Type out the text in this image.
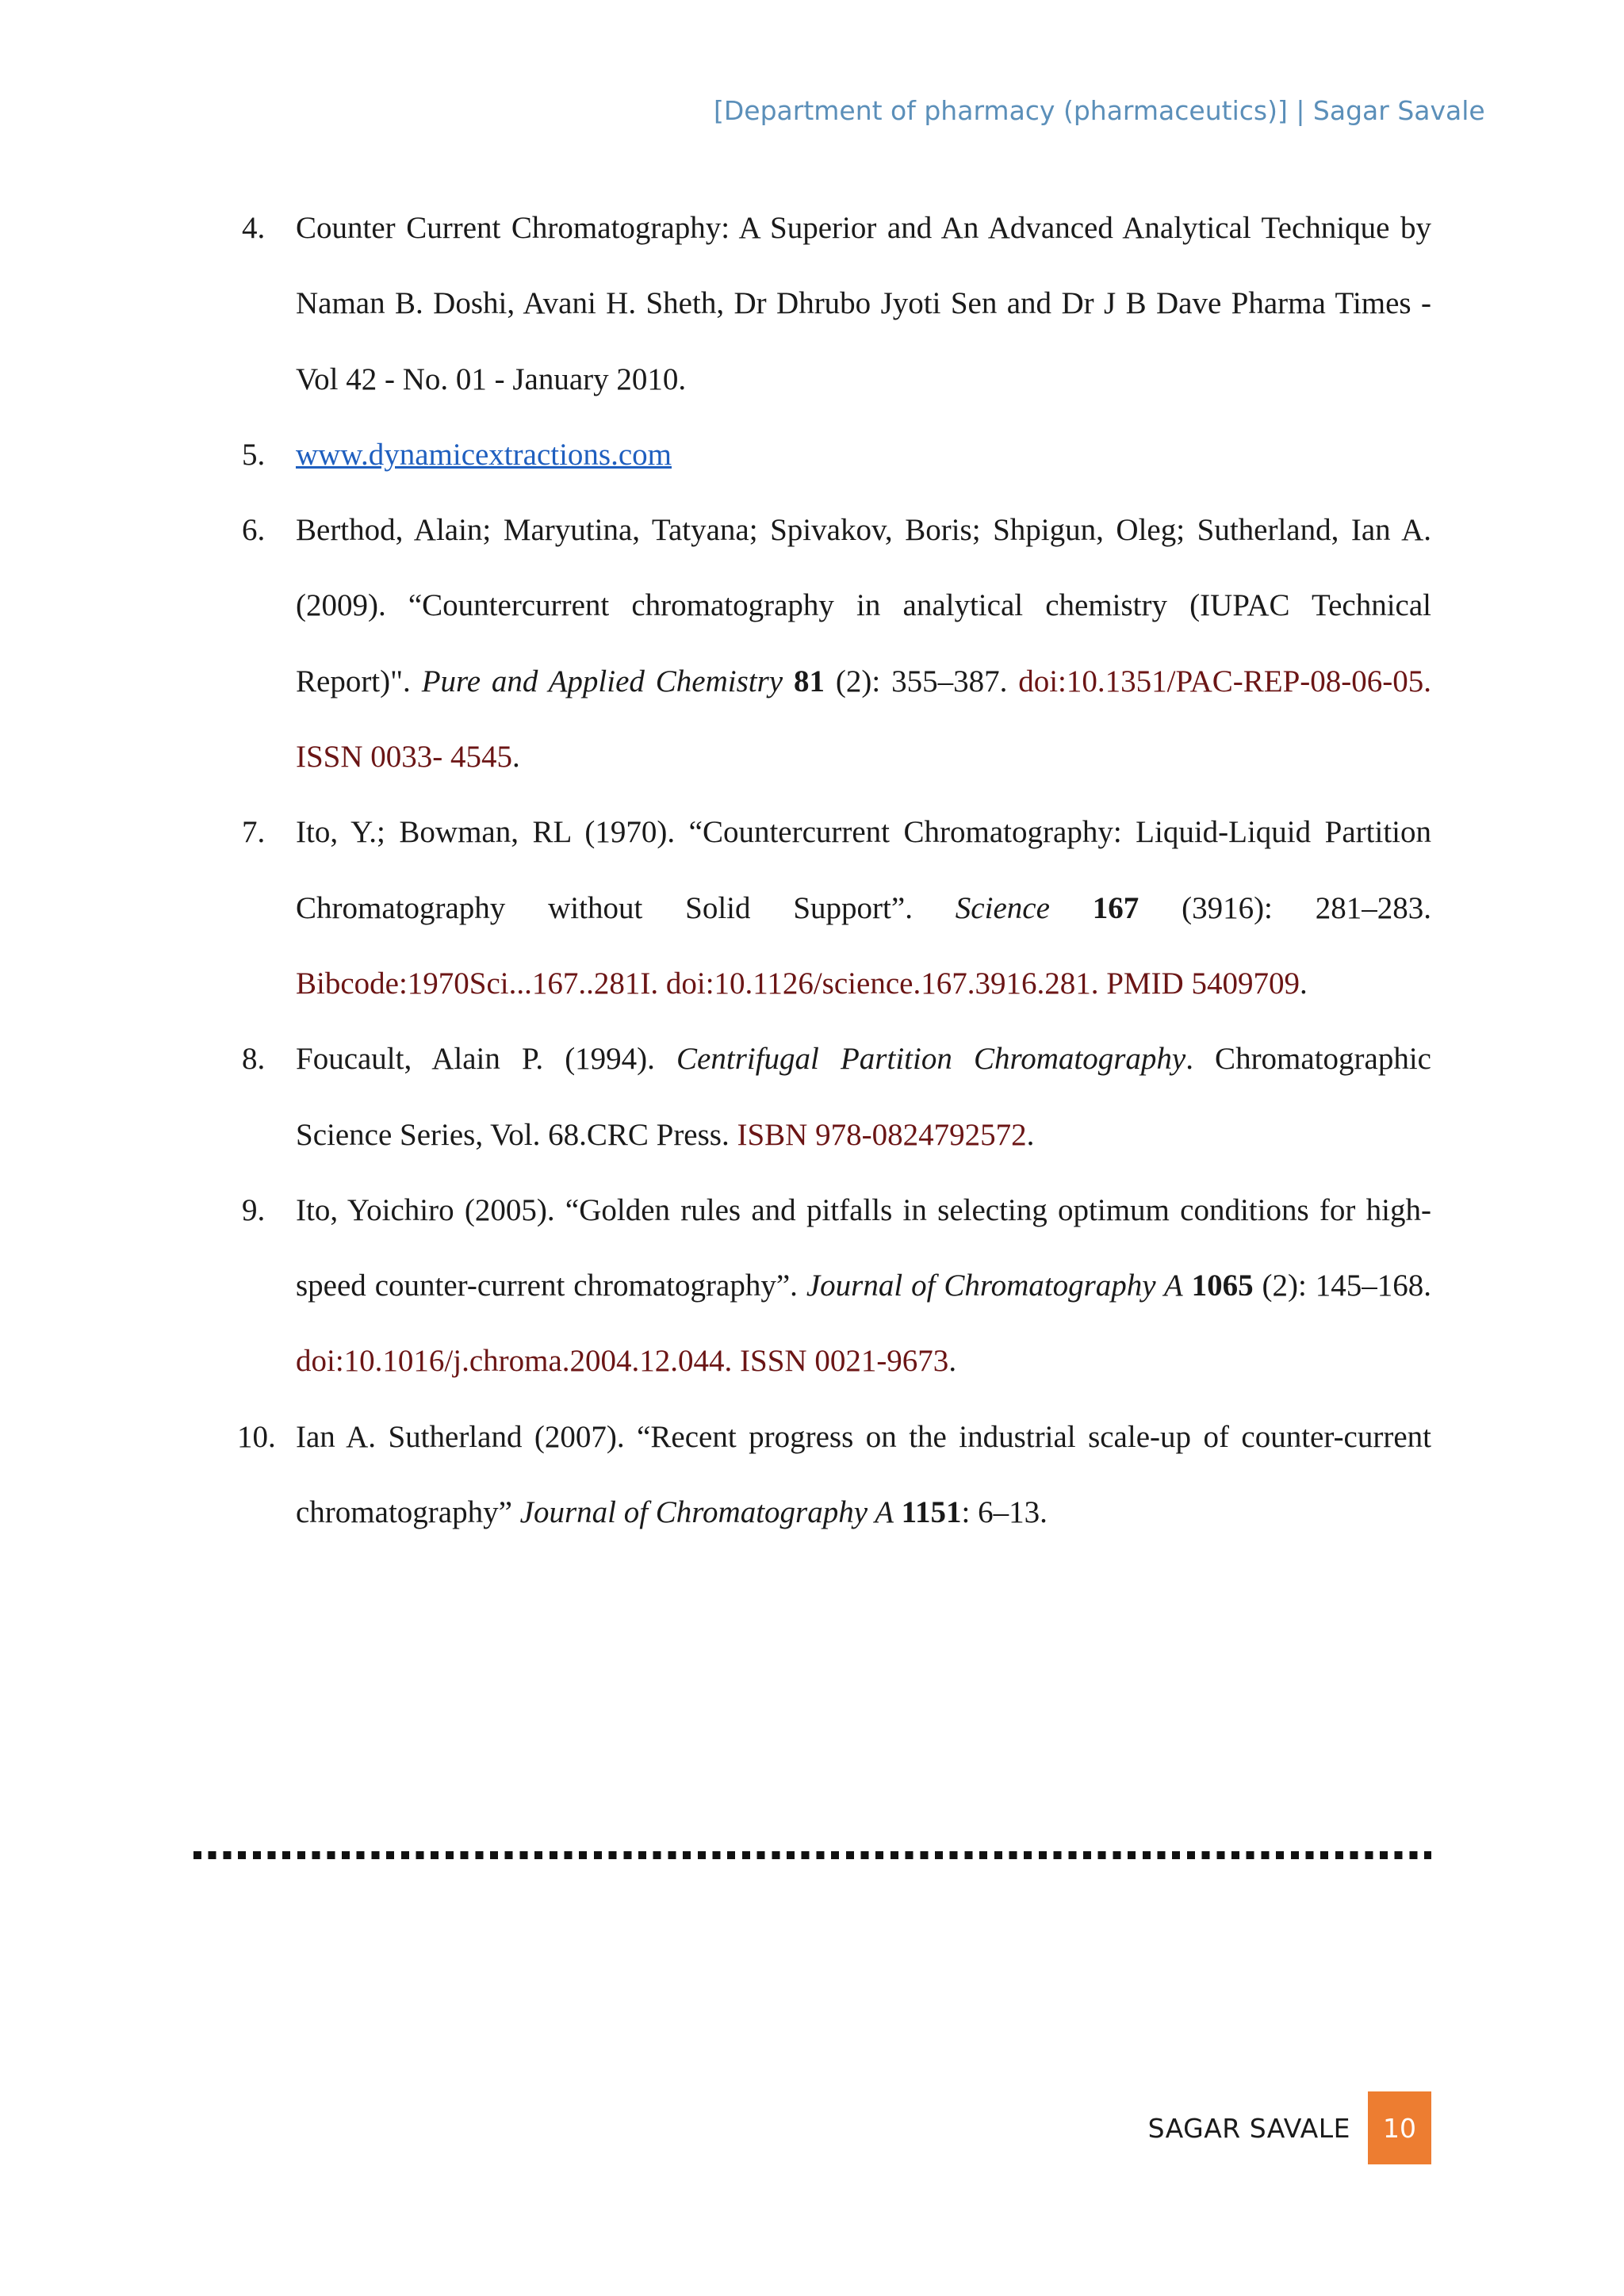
[Department of pharmacy (pharmaceutics)] | Sagar Savale
4. Counter Current Chromatography: A Superior and An Advanced Analytical Technique by Naman B. Doshi, Avani H. Sheth, Dr Dhrubo Jyoti Sen and Dr J B Dave Pharma Times - Vol 42 - No. 01 - January 2010.
5. www.dynamicextractions.com
6. Berthod, Alain; Maryutina, Tatyana; Spivakov, Boris; Shpigun, Oleg; Sutherland, Ian A. (2009). “Countercurrent chromatography in analytical chemistry (IUPAC Technical Report)". Pure and Applied Chemistry 81 (2): 355–387. doi:10.1351/PAC-REP-08-06-05. ISSN 0033- 4545.
7. Ito, Y.; Bowman, RL (1970). “Countercurrent Chromatography: Liquid-Liquid Partition Chromatography without Solid Support”. Science 167 (3916): 281–283. Bibcode:1970Sci...167..281I. doi:10.1126/science.167.3916.281. PMID 5409709.
8. Foucault, Alain P. (1994). Centrifugal Partition Chromatography. Chromatographic Science Series, Vol. 68.CRC Press. ISBN 978-0824792572.
9. Ito, Yoichiro (2005). “Golden rules and pitfalls in selecting optimum conditions for high-speed counter-current chromatography”. Journal of Chromatography A 1065 (2): 145–168. doi:10.1016/j.chroma.2004.12.044. ISSN 0021-9673.
10. Ian A. Sutherland (2007). “Recent progress on the industrial scale-up of counter-current chromatography” Journal of Chromatography A 1151: 6–13.
SAGAR SAVALE	10
